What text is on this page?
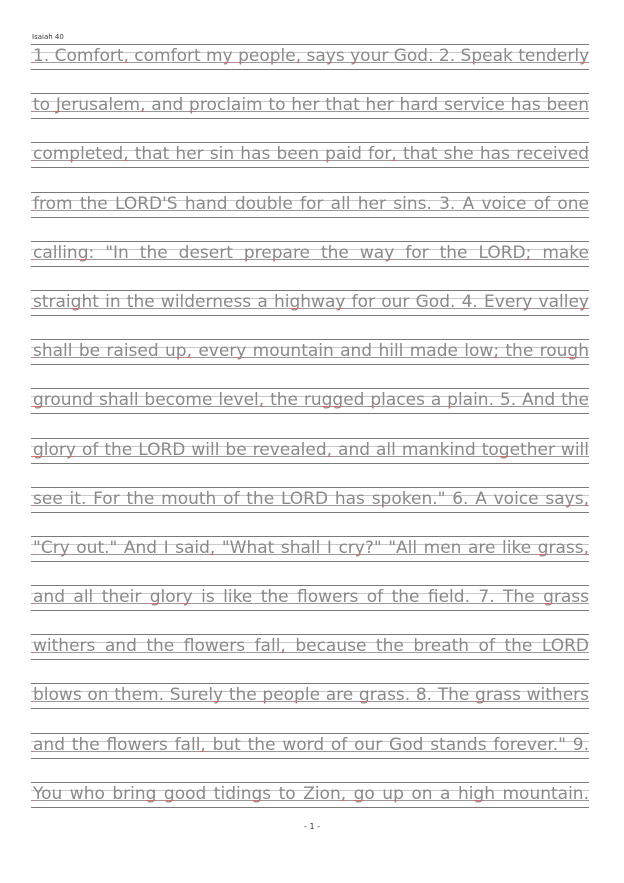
Isaiah 40
1. Comfort, comfort my people, says your God. 2. Speak tenderly
to Jerusalem, and proclaim to her that her hard service has been
completed, that her sin has been paid for, that she has received
from the LORD'S hand double for all her sins. 3. A voice of one
calling: "In the desert prepare the way for the LORD; make
straight in the wilderness a highway for our God. 4. Every valley
shall be raised up, every mountain and hill made low; the rough
ground shall become level, the rugged places a plain. 5. And the
glory of the LORD will be revealed, and all mankind together will
see it. For the mouth of the LORD has spoken." 6. A voice says,
"Cry out." And I said, "What shall I cry?" "All men are like grass,
and all their glory is like the flowers of the field. 7. The grass
withers and the flowers fall, because the breath of the LORD
blows on them. Surely the people are grass. 8. The grass withers
and the flowers fall, but the word of our God stands forever." 9.
You who bring good tidings to Zion, go up on a high mountain.
- 1 -
